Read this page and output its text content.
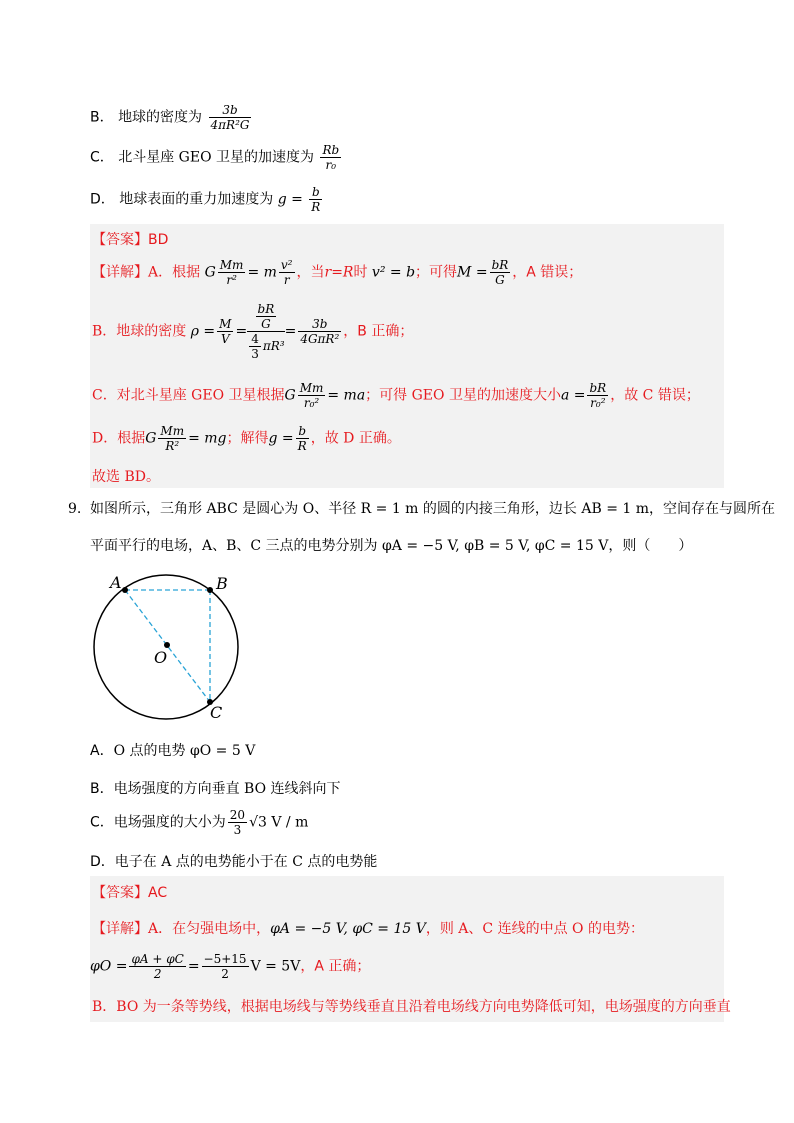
B． 地球的密度为 $\frac{3b}{\text{4πR²G}}$
C． 北斗星座 GEO 卫星的加速度为 $\frac{Rb}{\text{r₀}}$
D． 地球表面的重力加速度为 $g = \frac{b}{R}$
【答案】BD
【详解】A．根据 G $\frac{Mm}{\text{r²}} = m \frac{\text{v²}}{r}$ ，当r=R时 v² = b；可得$M = \frac{bR}{G}$ ，A 错误；
B．地球的密度 $\rho = \frac{M}{V}$ =
$\frac{bR}{G}$
$\frac{4}{3} \pi R^3$
= $\frac{3b}{\text{4GπR²}}$ ，B 正确；
C．对北斗星座 GEO 卫星根据G $\frac{Mm}{\text{r₀²}}$ = ma；可得 GEO 卫星的加速度大小$a = \frac{bR}{\text{r₀²}}$ ，故 C 错误；
D．根据G $\frac{Mm}{\text{R²}}$ = mg；解得$g = \frac{b}{R}$ ，故 D 正确。
故选 BD。
9. 如图所示，三角形 ABC 是圆心为 O、半径 R = 1 m 的圆的内接三角形，边长 AB = 1 m，空间存在与圆所在
平面平行的电场，A、B、C 三点的电势分别为 φA = −5 V, φB = 5 V, φC = 15 V，则（　　）
A	B
C
O
A．O 点的电势 φO = 5 V
B．电场强度的方向垂直 BO 连线斜向下
C．电场强度的大小为 $\frac{20}{3} √3$ V / m
D．电子在 A 点的电势能小于在 C 点的电势能
【答案】AC
【详解】A．在匀强电场中，φA = −5 V, φC = 15 V，则 A、C 连线的中点 O 的电势：
$\varphi O = \frac{\varphi A + \varphi C}{2} = \frac{-5+15}{2}$ V = 5V，A 正确；
B．BO 为一条等势线，根据电场线与等势线垂直且沿着电场线方向电势降低可知，电场强度的方向垂直
